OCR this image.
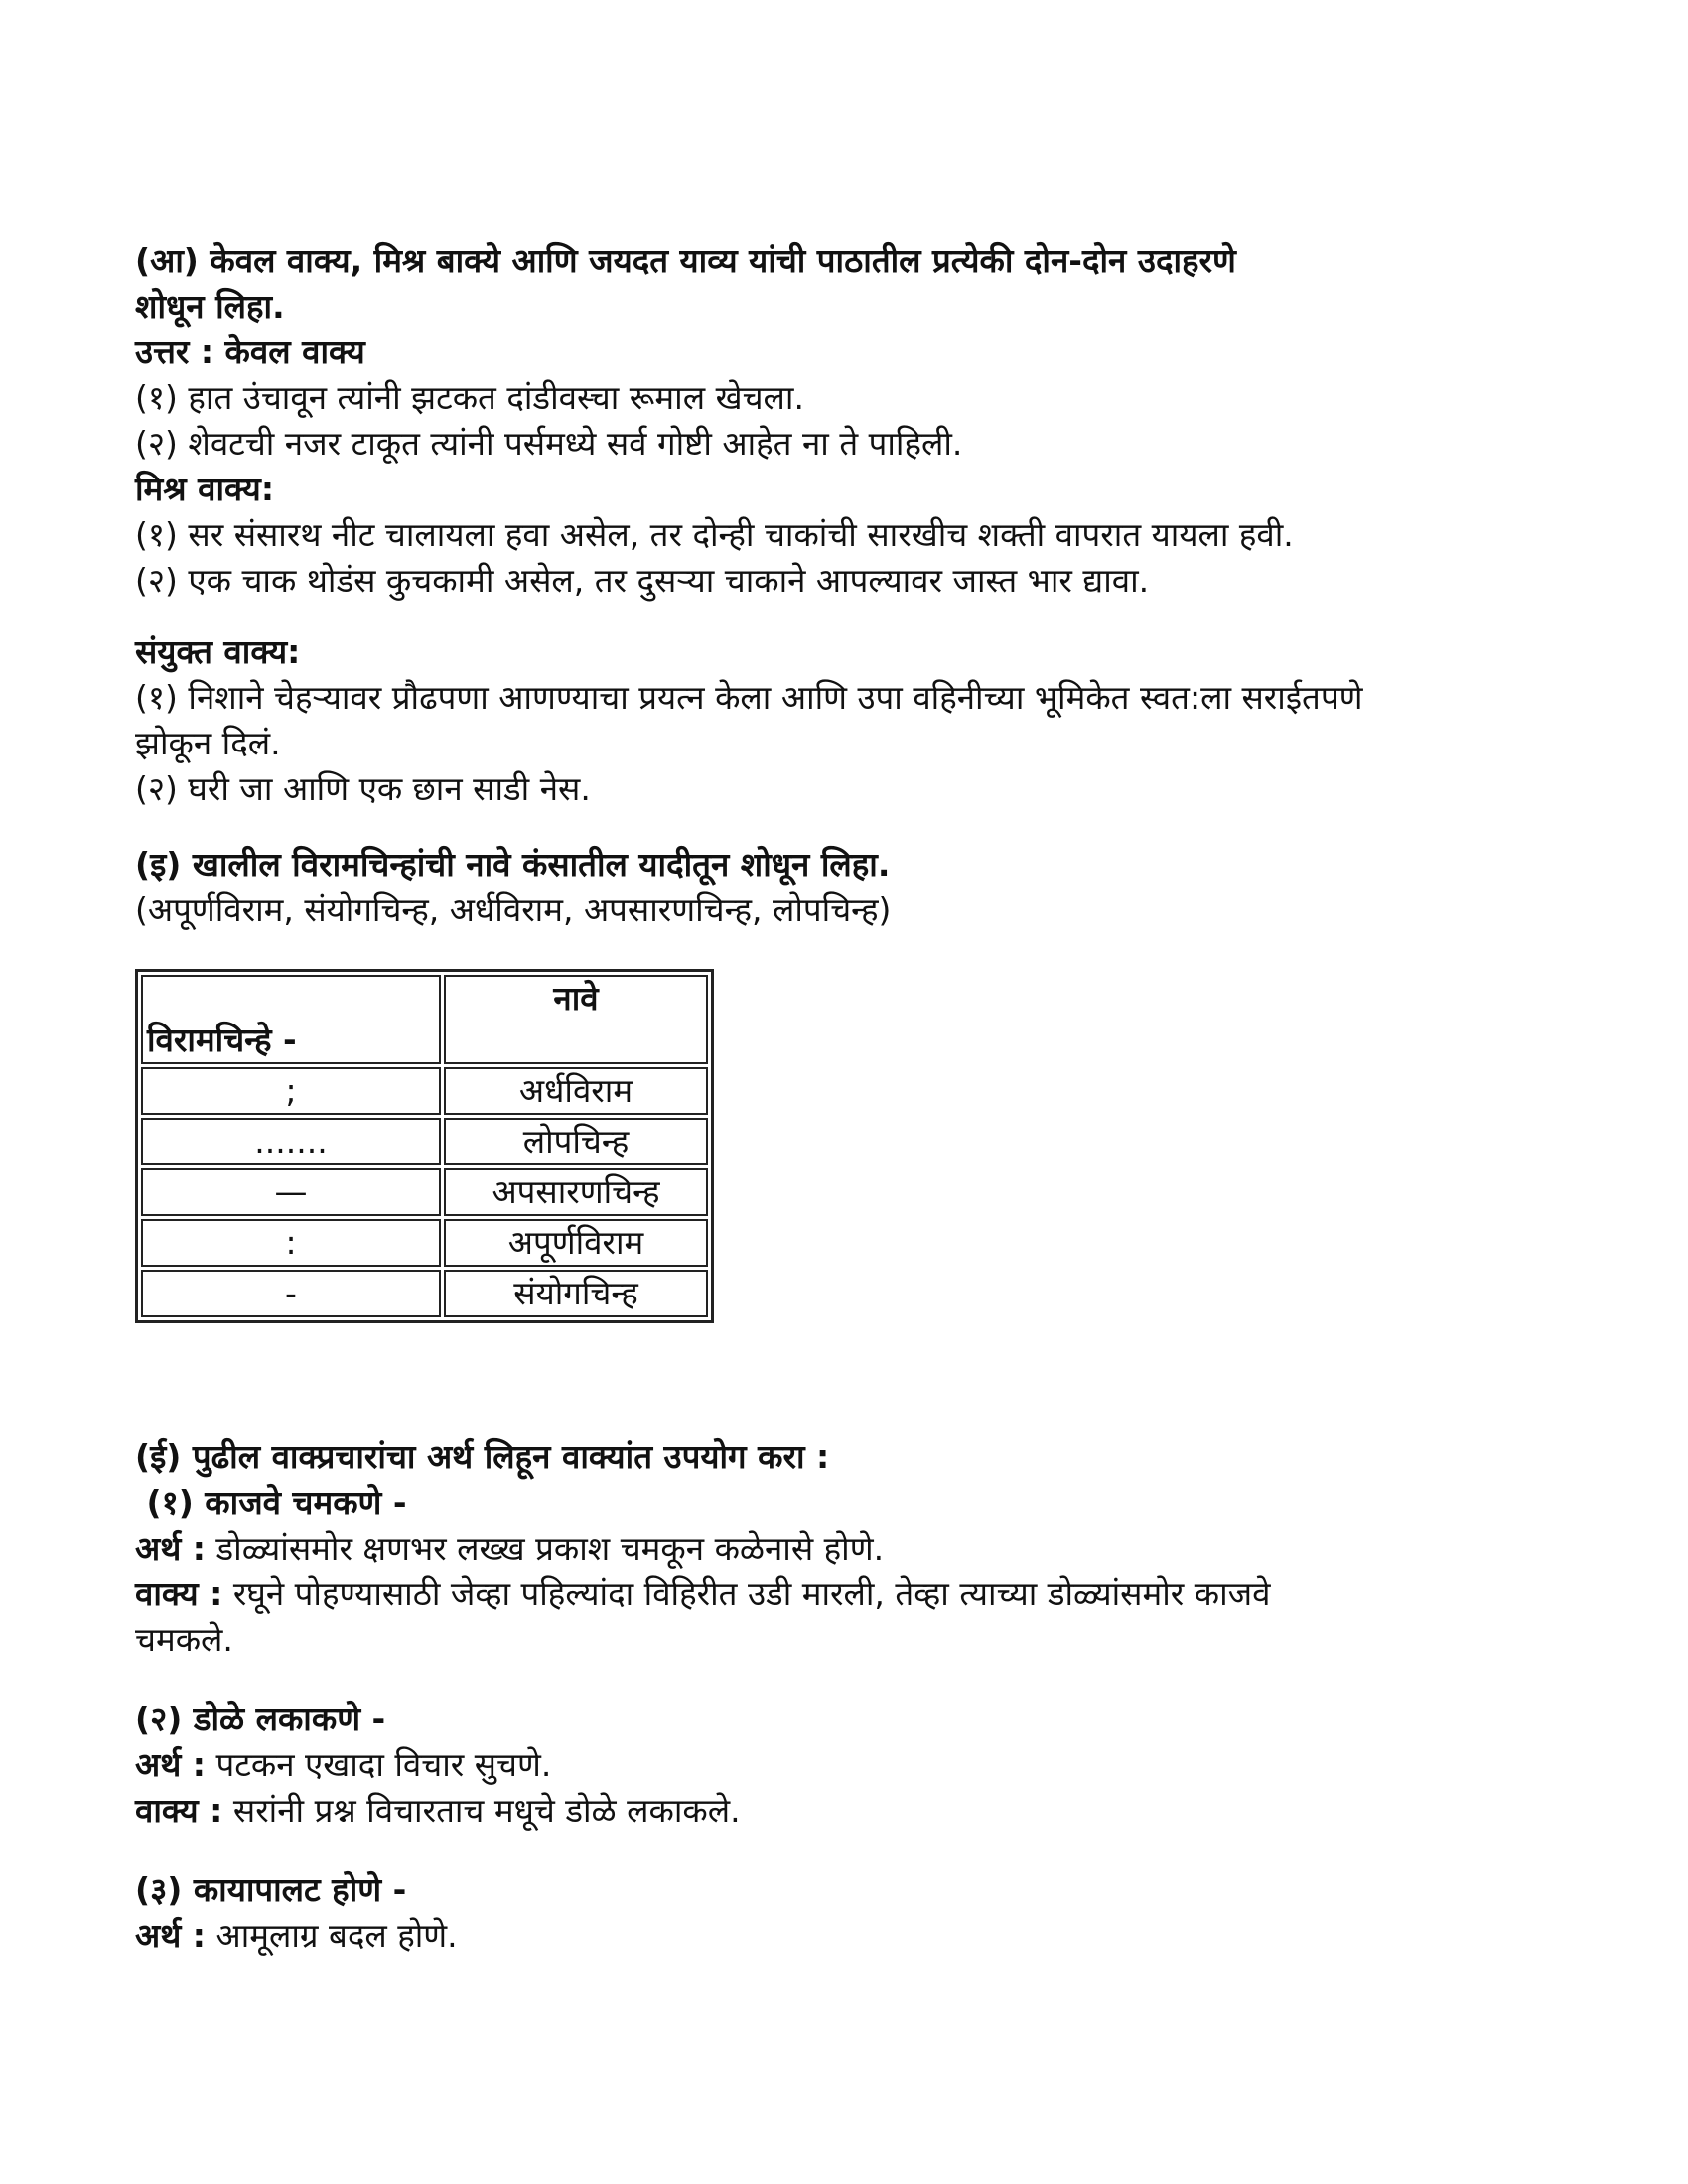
(आ) केवल वाक्य, मिश्र बाक्ये आणि जयदत याव्य यांची पाठातील प्रत्येकी दोन-दोन उदाहरणे
शोधून लिहा.
उत्तर : केवल वाक्य
(१) हात उंचावून त्यांनी झटकत दांडीवस्चा रूमाल खेचला.
(२) शेवटची नजर टाकूत त्यांनी पर्समध्ये सर्व गोष्टी आहेत ना ते पाहिली.
मिश्र वाक्य:
(१) सर संसारथ नीट चालायला हवा असेल, तर दोन्ही चाकांची सारखीच शक्ती वापरात यायला हवी.
(२) एक चाक थोडंस कुचकामी असेल, तर दुसऱ्या चाकाने आपल्यावर जास्त भार द्यावा.
संयुक्त वाक्य:
(१) निशाने चेहऱ्यावर प्रौढपणा आणण्याचा प्रयत्न केला आणि उपा वहिनीच्या भूमिकेत स्वत:ला सराईतपणे
झोकून दिलं.
(२) घरी जा आणि एक छान साडी नेस.
(इ) खालील विरामचिन्हांची नावे कंसातील यादीतून शोधून लिहा.
(अपूर्णविराम, संयोगचिन्ह, अर्धविराम, अपसारणचिन्ह, लोपचिन्ह)
विरामचिन्हे -	नावे
;	अर्धविराम
.......	लोपचिन्ह
—	अपसारणचिन्ह
:	अपूर्णविराम
-	संयोगचिन्ह
(ई) पुढील वाक्प्रचारांचा अर्थ लिहून वाक्यांत उपयोग करा :
(१) काजवे चमकणे -
अर्थ : डोळ्यांसमोर क्षणभर लख्ख प्रकाश चमकून कळेनासे होणे.
वाक्य : रघूने पोहण्यासाठी जेव्हा पहिल्यांदा विहिरीत उडी मारली, तेव्हा त्याच्या डोळ्यांसमोर काजवे
चमकले.
(२) डोळे लकाकणे -
अर्थ : पटकन एखादा विचार सुचणे.
वाक्य : सरांनी प्रश्न विचारताच मधूचे डोळे लकाकले.
(३) कायापालट होणे -
अर्थ : आमूलाग्र बदल होणे.
